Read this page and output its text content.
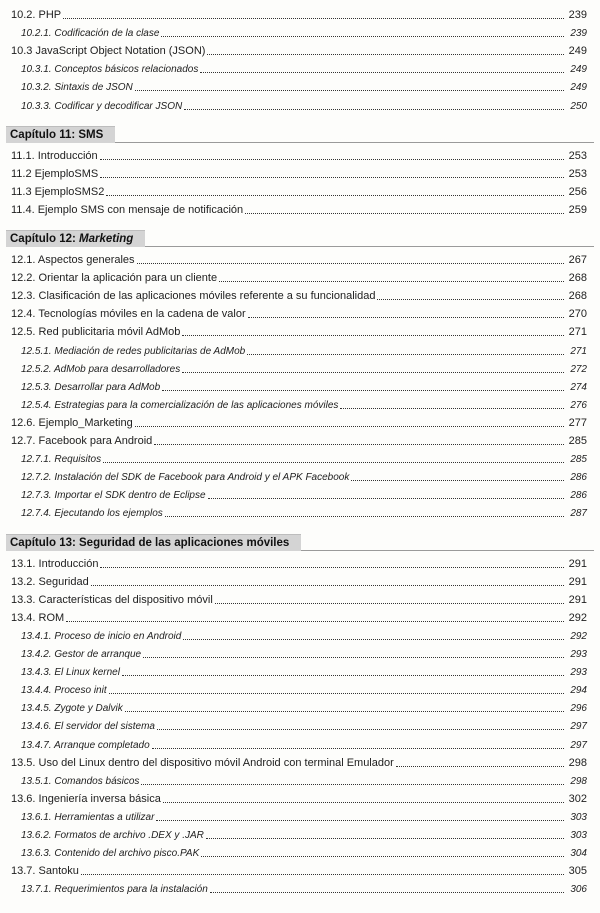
10.2. PHP	239
10.2.1. Codificación de la clase	239
10.3 JavaScript Object Notation (JSON)	249
10.3.1. Conceptos básicos relacionados	249
10.3.2. Sintaxis de JSON	249
10.3.3. Codificar y decodificar JSON	250
Capítulo 11: SMS
11.1. Introducción	253
11.2 EjemploSMS	253
11.3 EjemploSMS2	256
11.4. Ejemplo SMS con mensaje de notificación	259
Capítulo 12: Marketing
12.1. Aspectos generales	267
12.2. Orientar la aplicación para un cliente	268
12.3. Clasificación de las aplicaciones móviles referente a su funcionalidad	268
12.4. Tecnologías móviles en la cadena de valor	270
12.5. Red publicitaria móvil AdMob	271
12.5.1. Mediación de redes publicitarias de AdMob	271
12.5.2. AdMob para desarrolladores	272
12.5.3. Desarrollar para AdMob	274
12.5.4. Estrategias para la comercialización de las aplicaciones móviles	276
12.6. Ejemplo_Marketing	277
12.7. Facebook para Android	285
12.7.1. Requisitos	285
12.7.2. Instalación del SDK de Facebook para Android y el APK Facebook	286
12.7.3. Importar el SDK dentro de Eclipse	286
12.7.4. Ejecutando los ejemplos	287
Capítulo 13: Seguridad de las aplicaciones móviles
13.1. Introducción	291
13.2. Seguridad	291
13.3. Características del dispositivo móvil	291
13.4. ROM	292
13.4.1. Proceso de inicio en Android	292
13.4.2. Gestor de arranque	293
13.4.3. El Linux kernel	293
13.4.4. Proceso init	294
13.4.5. Zygote y Dalvik	296
13.4.6. El servidor del sistema	297
13.4.7. Arranque completado	297
13.5. Uso del Linux dentro del dispositivo móvil Android con terminal Emulador	298
13.5.1. Comandos básicos	298
13.6. Ingeniería inversa básica	302
13.6.1. Herramientas a utilizar	303
13.6.2. Formatos de archivo .DEX y .JAR	303
13.6.3. Contenido del archivo pisco.PAK	304
13.7. Santoku	305
13.7.1. Requerimientos para la instalación	306
